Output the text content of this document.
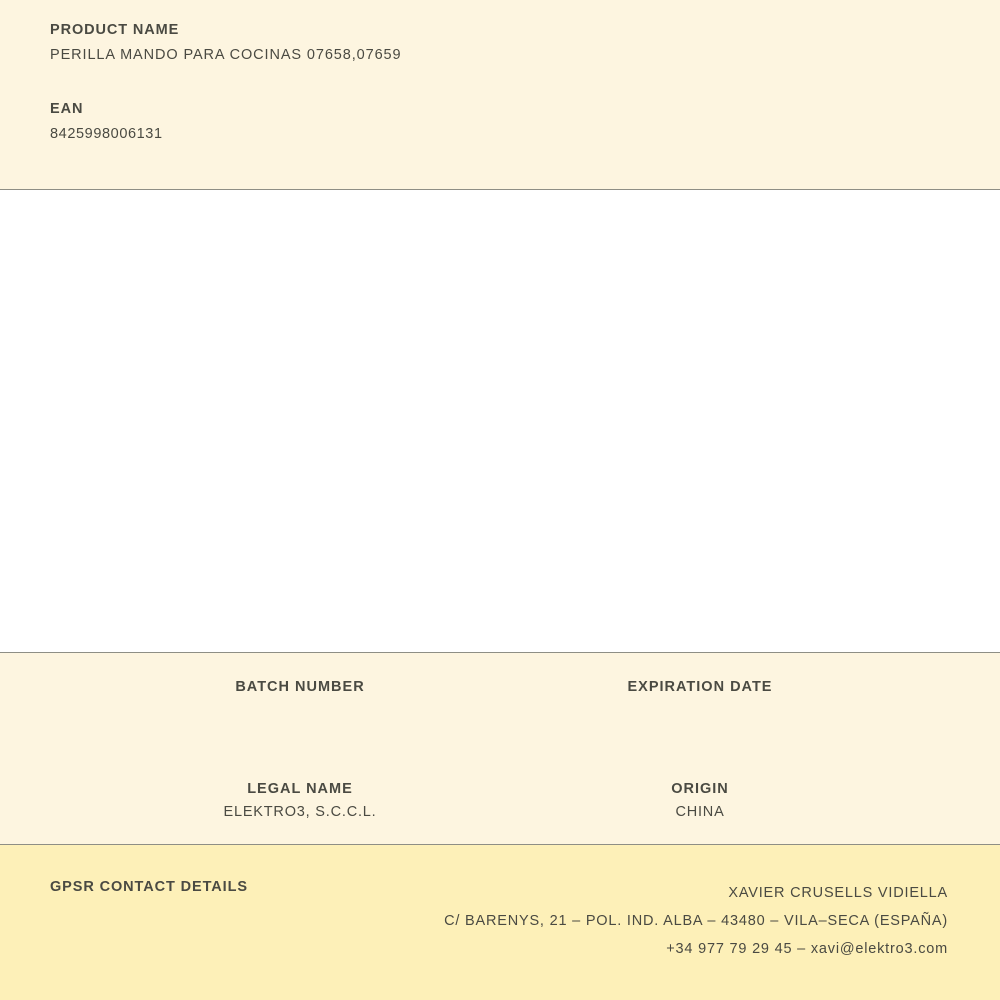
PRODUCT NAME

PERILLA MANDO PARA COCINAS 07658,07659

EAN

8425998006131

BATCH NUMBER	EXPIRATION DATE

LEGAL NAME

ELEKTRO3, S.C.C.L.

ORIGIN

CHINA

GPSR CONTACT DETAILS	XAVIER CRUSELLS VIDIELLA
C/ BARENYS, 21 – POL. IND. ALBA – 43480 – VILA–SECA (ESPAÑA)
+34 977 79 29 45 – xavi@elektro3.com
